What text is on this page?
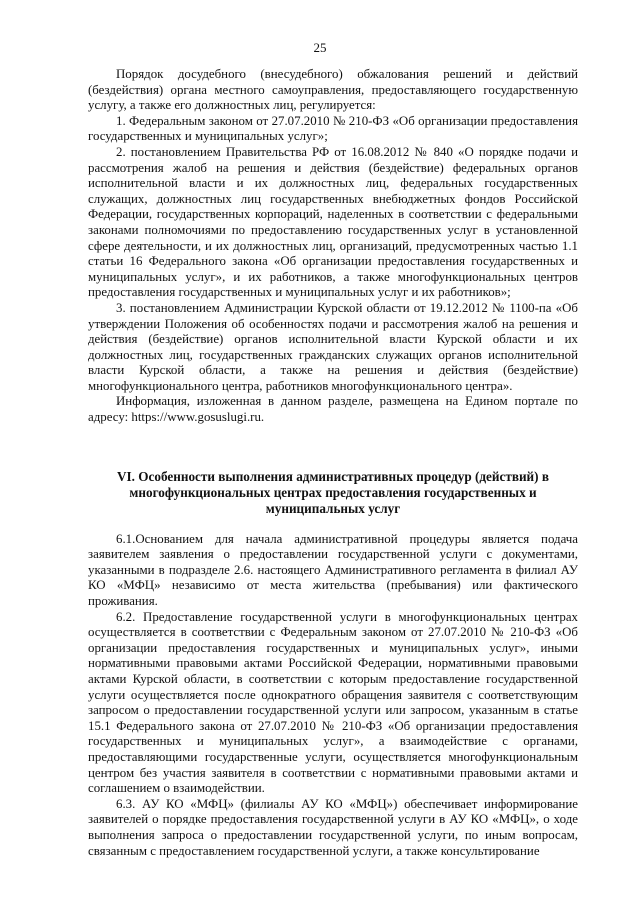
25

Порядок досудебного (внесудебного) обжалования решений и действий (бездействия) органа местного самоуправления, предоставляющего государственную услугу, а также его должностных лиц, регулируется:

1. Федеральным законом от 27.07.2010 № 210-ФЗ «Об организации предоставления государственных и муниципальных услуг»;

2. постановлением Правительства РФ от 16.08.2012 № 840 «О порядке подачи и рассмотрения жалоб на решения и действия (бездействие) федеральных органов исполнительной власти и их должностных лиц, федеральных государственных служащих, должностных лиц государственных внебюджетных фондов Российской Федерации, государственных корпораций, наделенных в соответствии с федеральными законами полномочиями по предоставлению государственных услуг в установленной сфере деятельности, и их должностных лиц, организаций, предусмотренных частью 1.1 статьи 16 Федерального закона «Об организации предоставления государственных и муниципальных услуг», и их работников, а также многофункциональных центров предоставления государственных и муниципальных услуг и их работников»;

3. постановлением Администрации Курской области от 19.12.2012 № 1100-па «Об утверждении Положения об особенностях подачи и рассмотрения жалоб на решения и действия (бездействие) органов исполнительной власти Курской области и их должностных лиц, государственных гражданских служащих органов исполнительной власти Курской области, а также на решения и действия (бездействие) многофункционального центра, работников многофункционального центра».

Информация, изложенная в данном разделе, размещена на Едином портале по адресу: https://www.gosuslugi.ru.

VI. Особенности выполнения административных процедур (действий) в многофункциональных центрах предоставления государственных и муниципальных услуг

6.1.Основанием для начала административной процедуры является подача заявителем заявления о предоставлении государственной услуги с документами, указанными в подразделе 2.6. настоящего Административного регламента в филиал АУ КО «МФЦ» независимо от места жительства (пребывания) или фактического проживания.

6.2. Предоставление государственной услуги в многофункциональных центрах осуществляется в соответствии с Федеральным законом от 27.07.2010 № 210-ФЗ «Об организации предоставления государственных и муниципальных услуг», иными нормативными правовыми актами Российской Федерации, нормативными правовыми актами Курской области, в соответствии с которым предоставление государственной услуги осуществляется после однократного обращения заявителя с соответствующим запросом о предоставлении государственной услуги или запросом, указанным в статье 15.1 Федерального закона от 27.07.2010 № 210-ФЗ «Об организации предоставления государственных и муниципальных услуг», а взаимодействие с органами, предоставляющими государственные услуги, осуществляется многофункциональным центром без участия заявителя в соответствии с нормативными правовыми актами и соглашением о взаимодействии.

6.3. АУ КО «МФЦ» (филиалы АУ КО «МФЦ») обеспечивает информирование заявителей о порядке предоставления государственной услуги в АУ КО «МФЦ», о ходе выполнения запроса о предоставлении государственной услуги, по иным вопросам, связанным с предоставлением государственной услуги, а также консультирование
